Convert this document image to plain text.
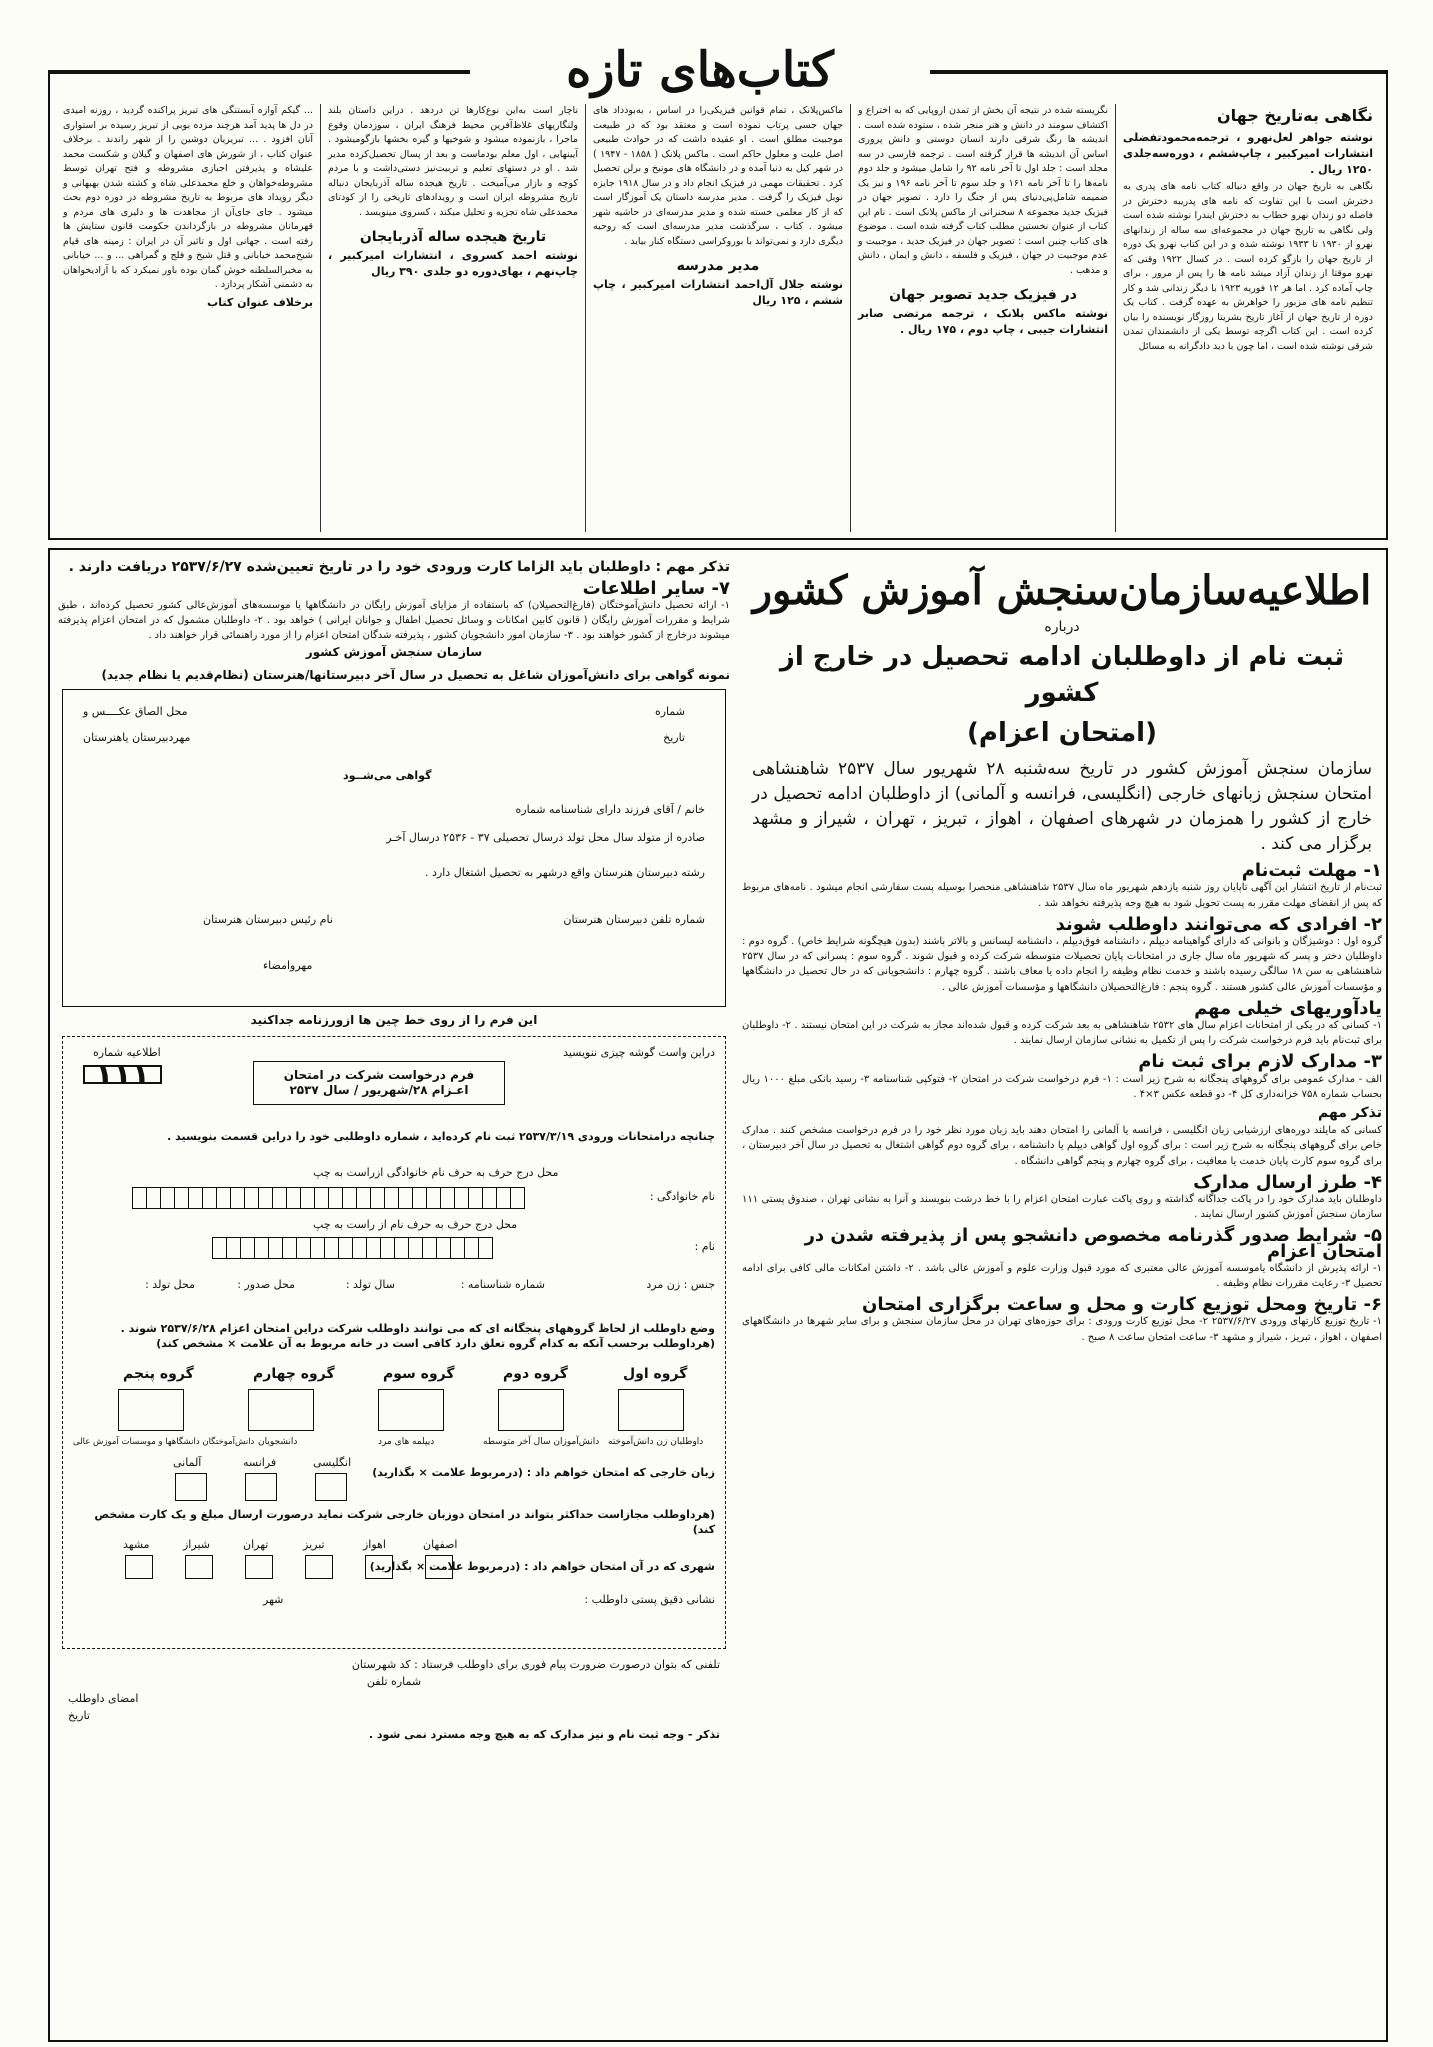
کتاب‌های تازه
نگاهی به‌تاریخ جهان
نوشته جواهر لعل‌نهرو ، ترجمه‌محمودتفضلی انتشارات امیرکبیر ، چاپ‌ششم ، دوره‌سه‌جلدی ۱۲۵۰ ریال .

نگاهی به تاریخ جهان در واقع دنباله کتاب نامه های پدری به دخترش است با این تفاوت که نامه های پدریبه دخترش در فاصله دو زندان نهرو خطاب به دخترش ایندرا نوشته شده است ولی نگاهی به تاریخ جهان در مجموعه‌ای سه ساله از زندانهای نهرو از ۱۹۳۰ تا ۱۹۳۳ نوشته شده و در این کتاب نهرو یک دوره از تاریخ جهان را بازگو کرده است . در کسال ۱۹۲۲ وقتی که نهرو موقتا از زندان آزاد میشد نامه ها را پس از مرور ، برای چاپ آماده کرد . اما هر ۱۲ فوریه ۱۹۲۳ با دیگر زندانی شد و کار تنظیم نامه های مزبور را خواهرش به عهده گرفت . کتاب یک دوره از تاریخ جهان از آغاز تاریخ بشریتا روزگار نویسنده را بیان کرده است . این کتاب اگرچه توسط یکی از دانشمندان تمدن شرقی نوشته شده است ، اما چون با دید دادگرانه به مسائل

نگریسته شده در نتیجه آن بخش از تمدن اروپایی که به اختراع و اکتشاف سومند در دانش و هنر منجر شده ، ستوده شده است . اندیشه ها رنگ شرقی دارند انسان دوستی و دانش پروری اساس آن اندیشه ها قرار گرفته است . ترجمه فارسی در سه مجلد است : جلد اول تا آخر نامه ۹۲ را شامل میشود و جلد دوم نامه‌ها را تا آخر نامه ۱۶۱ و جلد سوم تا آخر نامه ۱۹۶ و نیز یک ضمیمه شامل‌پی‌دنیای پس از جنگ را دارد . تصویر جهان در فیزیک جدید مجموعه ۸ سخنرانی از ماکس پلانک است . نام این کتاب از عنوان نخستین مطلب کتاب گرفته شده است . موضوع های کتاب چنین است : تصویر جهان در فیزیک جدید ، موجبیت و عدم موجبیت در جهان ، فیزیک و فلسفه ، دانش و ایمان ، دانش و مذهب .

در فیزیک جدید تصویر جهان
نوشته ماکس پلانک ، ترجمه مرتضی صابر انتشارات جیبی ، چاپ دوم ، ۱۷۵ ریال .

ماکس‌پلانک ، تمام قوانین فیزیکی‌را در اساس ، به‌بودداد های جهان جسی پرتاب نموده است و معتقد بود که در طبیعت موجبیت مطلق است . او عقیده داشت که در حوادث طبیعی اصل علیت و معلول حاکم است . ماکس پلانک ( ۱۸۵۸ - ۱۹۴۷ ) در شهر کیل به دنیا آمده و در دانشگاه های مونیخ و برلن تحصیل کرد . تحقیقات مهمی در فیزیک انجام داد و در سال ۱۹۱۸ جایزه نوبل فیزیک را گرفت . مدیر مدرسه داستان یک آموزگار است که از کار معلمی خسته شده و مدیر مدرسه‌ای در حاشیه شهر میشود . کتاب ، سرگذشت مدیر مدرسه‌ای است که روحیه دیگری دارد و نمی‌تواند با بوروکراسی دستگاه کنار بیاید .

مدیر مدرسه
نوشته جلال آل‌احمد انتشارات امیرکبیر ، چاپ ششم ، ۱۲۵ ریال

ناچار است به‌این نوع‌کارها تن دردهد . دراین داستان بلند ولنگاریهای غلاظ‌آفرین محیط فرهنگ ایران ، سوزدمان وقوع ماجرا ، بازنموده میشود و شوخیها و گیره بخشها بازگومیشود . آیینهایی ، اول معلم بودماست و بعد از پسال تحصیل‌کرده مدیر شد . او در دستهای تعلیم و تربیت‌نیز دستی‌داشت و با مردم کوچه و بازار می‌آمیخت . تاریخ هیجده ساله آذربایجان دنباله تاریخ مشروطه ایران است و رویدادهای تاریخی را از کودتای محمدعلی شاه تجزیه و تحلیل میکند ، کسروی مینویسد .

تاریخ هیجده ساله آذربایجان
نوشته احمد کسروی ، انتشارات امیرکبیر ، چاپ‌نهم ، بهای‌دوره دو جلدی ۳۹۰ ریال

... گیکم آوازه آبستنگی های تبریز پراکنده گردید ، روزنه امیدی در دل ها پدید آمد هرچند مزده بوبی از تبریز رسیده بر استواری آنان افزود . ... تبریزیان دوشین را از شهر راندند . برخلاف عنوان کتاب ، از شورش های اصفهان و گیلان و شکست محمد علیشاه و پذیرفتن اجبازی مشروطه و فتح تهران توسط مشروطه‌خواهان و خلع محمدعلی شاه و کشته شدن بهبهانی و دیگر رویداد های مربوط به تاریخ مشروطه در دوره دوم بحث میشود . جای جای‌آن از مجاهدت ها و دلیری های مردم و قهرمانان مشروطه در بازگرداندن حکومت قانون ستایش ها رفته است . جهانی اول و تاثیر آن در ایران : زمینه های قیام شیخ‌محمد خیابانی و قتل شیخ و فلج و گمراهی ... و ... خیابانی به مخبرالسلطنه خوش گمان بوده باور نمیکرد که با آزادیخواهان به دشمنی آشکار پردازد .

برخلاف عنوان کتاب
اطلاعیه‌سازمان‌سنجش آموزش کشور
درباره
ثبت نام از داوطلبان ادامه تحصیل در خارج از کشور
(امتحان اعزام)
سازمان سنجش آموزش کشور در تاریخ سه‌شنبه ۲۸ شهریور سال ۲۵۳۷ شاهنشاهی امتحان سنجش زبانهای خارجی (انگلیسی، فرانسه و آلمانی) از داوطلبان ادامه تحصیل در خارج از کشور را همزمان در شهرهای اصفهان ، اهواز ، تبریز ، تهران ، شیراز و مشهد برگزار می کند .
۱- مهلت ثبت‌نام
ثبت‌نام از تاریخ انتشار این آگهی تاپایان روز شنبه یازدهم شهریور ماه سال ۲۵۳۷ شاهنشاهی منحصرا بوسیله پست سفارشی انجام میشود . نامه‌های مربوط که پس از انقضای مهلت مقرر به پست تحویل شود به هیچ وجه پذیرفته نخواهد شد .
۲- افرادی که می‌توانند داوطلب شوند
گروه اول : دوشیزگان و بانوانی که دارای گواهینامه دیپلم ، دانشنامه فوق‌دیپلم ، دانشنامه لیسانس و بالاتر باشند (بدون هیچگونه شرایط خاص) . گروه دوم : داوطلبان دختر و پسر که شهریور ماه سال جاری در امتحانات پایان تحصیلات متوسطه شرکت کرده و قبول شوند . گروه سوم : پسرانی که در سال ۲۵۳۷ شاهنشاهی به سن ۱۸ سالگی رسیده باشند و خدمت نظام وظیفه را انجام داده یا معاف باشند . گروه چهارم : دانشجویانی که در حال تحصیل در دانشگاهها و مؤسسات آموزش عالی کشور هستند . گروه پنجم : فارغ‌التحصیلان دانشگاهها و مؤسسات آموزش عالی .
یادآوریهای خیلی مهم
۱- کسانی که در یکی از امتحانات اعزام سال های ۲۵۳۲ شاهنشاهی به بعد شرکت کرده و قبول شده‌اند مجاز به شرکت در این امتحان نیستند . ۲- داوطلبان برای ثبت‌نام باید فرم درخواست شرکت را پس از تکمیل به نشانی سازمان ارسال نمایند .
۳- مدارک لازم برای ثبت نام
الف - مدارک عمومی برای گروههای پنجگانه به شرح زیر است : ۱- فرم درخواست شرکت در امتحان ۲- فتوکپی شناسنامه ۳- رسید بانکی مبلغ ۱۰۰۰ ریال بحساب شماره ۷۵۸ خزانه‌داری کل ۴- دو قطعه عکس ۳×۴ .
تذکر مهم
کسانی که مایلند دوره‌های ارزشیابی زبان انگلیسی ، فرانسه یا آلمانی را امتحان دهند باید زبان مورد نظر خود را در فرم درخواست مشخص کنند . مدارک خاص برای گروههای پنجگانه به شرح زیر است : برای گروه اول گواهی دیپلم یا دانشنامه ، برای گروه دوم گواهی اشتغال به تحصیل در سال آخر دبیرستان ، برای گروه سوم کارت پایان خدمت یا معافیت ، برای گروه چهارم و پنجم گواهی دانشگاه .
۴- طرز ارسال مدارک
داوطلبان باید مدارک خود را در پاکت جداگانه گذاشته و روی پاکت عبارت امتحان اعزام را با خط درشت بنویسند و آنرا به نشانی تهران ، صندوق پستی ۱۱۱ سازمان سنجش آموزش کشور ارسال نمایند .
۵- شرایط صدور گذرنامه مخصوص دانشجو پس از پذیرفته شدن در امتحان اعزام
۱- ارائه پذیرش از دانشگاه یاموسسه آموزش عالی معتبری که مورد قبول وزارت علوم و آموزش عالی باشد . ۲- داشتن امکانات مالی کافی برای ادامه تحصیل ۳- رعایت مقررات نظام وظیفه .
۶- تاریخ ومحل توزیع کارت و محل و ساعت برگزاری امتحان
۱- تاریخ توزیع کارتهای ورودی ۲۵۳۷/۶/۲۷ ۲- محل توزیع کارت ورودی : برای حوزه‌های تهران در محل سازمان سنجش و برای سایر شهرها در دانشگاههای اصفهان ، اهواز ، تبریز ، شیراز و مشهد ۳- ساعت امتحان ساعت ۸ صبح .
تذکر مهم : داوطلبان باید الزاما کارت ورودی خود را در تاریخ تعیین‌شده ۲۵۳۷/۶/۲۷ دریافت دارند .
۷- سایر اطلاعات
۱- ارائه تحصیل دانش‌آموختگان (فارغ‌التحصیلان) که باستفاده از مزایای آموزش رایگان در دانشگاهها یا موسسه‌های آموزش‌عالی کشور تحصیل کرده‌اند ، طبق شرایط و مقررات آموزش رایگان ( قانون کابین امکانات و وسائل تحصیل اطفال و جوانان ایرانی ) خواهد بود . ۲- داوطلبان مشمول که در امتحان اعزام پذیرفته میشوند درخارج از کشور خواهند بود . ۳- سازمان امور دانشجویان کشور ، پذیرفته شدگان امتحان اعزام را از مورد راهنمائی قرار خواهند داد .
سازمان سنجش آموزش کشور
نمونه گواهی برای دانش‌آموزان شاغل به تحصیل در سال آخر دبیرستانها/هنرستان (نظام‌قدیم یا نظام جدید)
شماره
تاریخ
محل الصاق عکــــس و
مهردبیرستان یاهنرستان
گواهی می‌شــود
خانم / آقای فرزند دارای شناسنامه شماره
صادره از متولد سال محل تولد درسال تحصیلی ۳۷ - ۲۵۳۶ درسال آخـر
رشته دبیرستان هنرستان واقع درشهر به تحصیل اشتغال دارد .
شماره تلفن دبیرستان هنرستان
نام رئیس دبیرستان هنرستان
مهروامضاء
این فرم را از روی خط چین ها ازورزنامه جداکنید
دراین واست گوشه چیزی ننویسید
اطلاعیه شماره
۱۱۱	فرم درخواست شرکت در امتحان اعـزام ۲۸/شهریور / سال ۲۵۳۷
چنانچه درامتحانات ورودی ۲۵۳۷/۳/۱۹ ثبت نام کرده‌اید ، شماره داوطلبی خود را دراین قسمت بنویسید .
محل درج حرف به حرف نام خانوادگی ازراست به چپ
نام خانوادگی :
محل درج حرف به حرف نام از راست به چپ
نام :
جنس : زن مرد
شماره شناسنامه :
سال تولد :
محل صدور :
محل تولد :
وضع داوطلب از لحاظ گروههای پنجگانه ای که می توانند داوطلب شرکت دراین امتحان اعزام ۲۵۳۷/۶/۲۸ شوند . (هرداوطلب برحسب آنکه به کدام گروه تعلق دارد کافی است در خانه مربوط به آن علامت × مشخص کند)
گروه اول
گروه دوم
گروه سوم
گروه چهارم
گروه پنجم
داوطلبان زن دانش‌آموخته
دانش‌آموزان سال آخر متوسطه
دیپلمه های مرد
دانشجویان
دانش‌آموختگان دانشگاهها و موسسات آموزش عالی
زبان خارجی که امتحان خواهم داد : (درمربوط علامت × بگذارید)
انگلیسی
فرانسه
آلمانی
(هرداوطلب مجازاست حداکثر بتواند در امتحان دوزبان خارجی شرکت نماید درصورت ارسال مبلغ و یک کارت مشخص کند)
اصفهان
اهواز
تبریز
تهران
شیراز
مشهد
شهری که در آن امتحان خواهم داد : (درمربوط علامت × بگذارید)
نشانی دقیق پستی داوطلب :
شهر
تلفنی که بتوان درصورت ضرورت پیام فوری برای داوطلب فرستاد : کد شهرستان
شماره تلفن
امضای داوطلب
تاریخ
تذکر - وجه ثبت نام و نیز مدارک که به هیچ وجه مسترد نمی شود .
